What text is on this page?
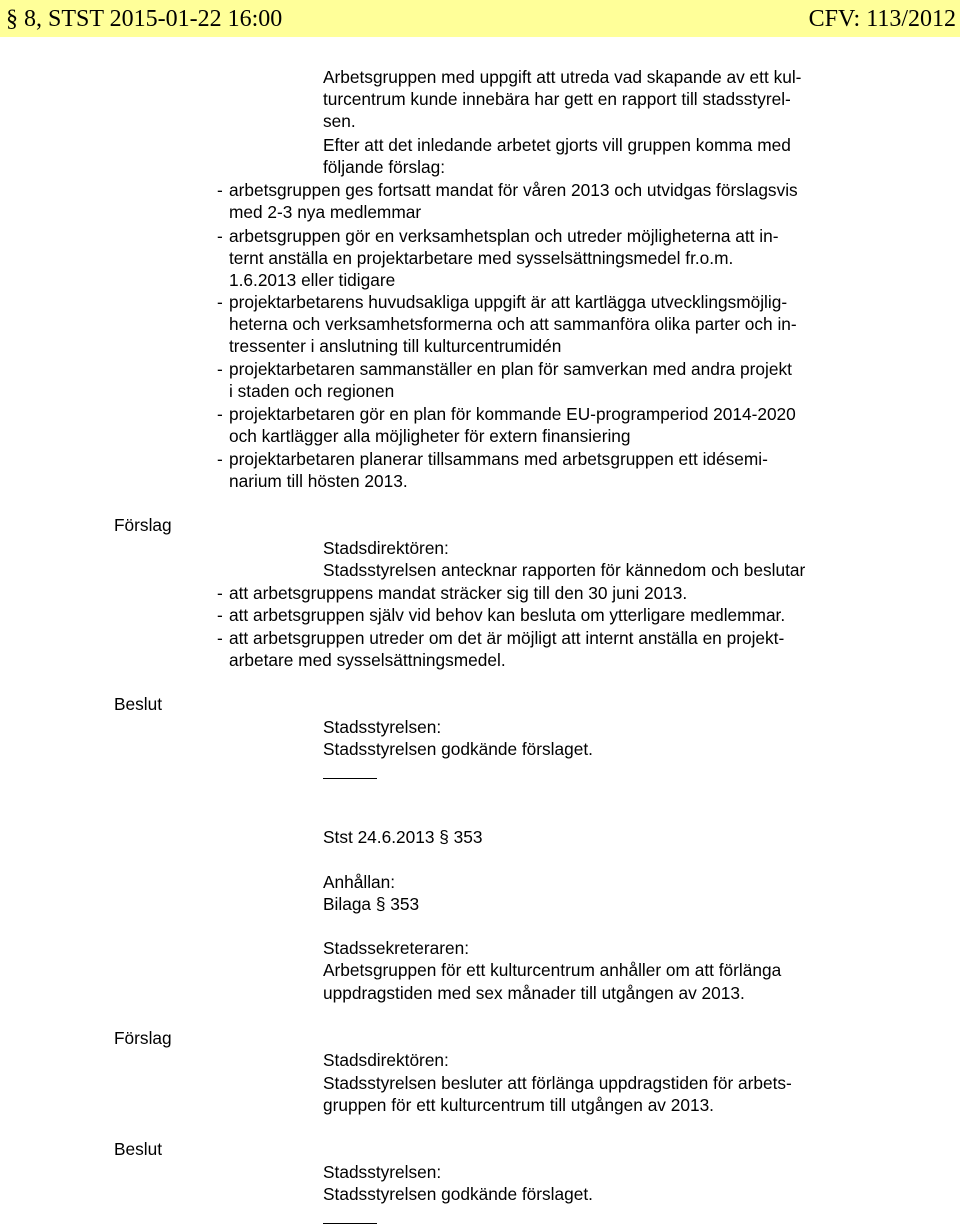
§ 8, STST 2015-01-22 16:00	CFV: 113/2012
Arbetsgruppen med uppgift att utreda vad skapande av ett kul-
turcentrum kunde innebära har gett en rapport till stadsstyrel-
sen.
Efter att det inledande arbetet gjorts vill gruppen komma med
följande förslag:
- arbetsgruppen ges fortsatt mandat för våren 2013 och utvidgas förslagsvis
med 2-3 nya medlemmar
- arbetsgruppen gör en verksamhetsplan och utreder möjligheterna att in-
ternt anställa en projektarbetare med sysselsättningsmedel fr.o.m.
1.6.2013 eller tidigare
- projektarbetarens huvudsakliga uppgift är att kartlägga utvecklingsmöjlig-
heterna och verksamhetsformerna och att sammanföra olika parter och in-
tressenter i anslutning till kulturcentrumidén
- projektarbetaren sammanställer en plan för samverkan med andra projekt
i staden och regionen
- projektarbetaren gör en plan för kommande EU-programperiod 2014-2020
och kartlägger alla möjligheter för extern finansiering
- projektarbetaren planerar tillsammans med arbetsgruppen ett idésemi-
narium till hösten 2013.
Förslag
Stadsdirektören:
Stadsstyrelsen antecknar rapporten för kännedom och beslutar
- att arbetsgruppens mandat sträcker sig till den 30 juni 2013.
- att arbetsgruppen själv vid behov kan besluta om ytterligare medlemmar.
- att arbetsgruppen utreder om det är möjligt att internt anställa en projekt-
arbetare med sysselsättningsmedel.
Beslut
Stadsstyrelsen:
Stadsstyrelsen godkände förslaget.
Stst 24.6.2013 § 353
Anhållan:
Bilaga § 353
Stadssekreteraren:
Arbetsgruppen för ett kulturcentrum anhåller om att förlänga
uppdragstiden med sex månader till utgången av 2013.
Förslag
Stadsdirektören:
Stadsstyrelsen besluter att förlänga uppdragstiden för arbets-
gruppen för ett kulturcentrum till utgången av 2013.
Beslut
Stadsstyrelsen:
Stadsstyrelsen godkände förslaget.
